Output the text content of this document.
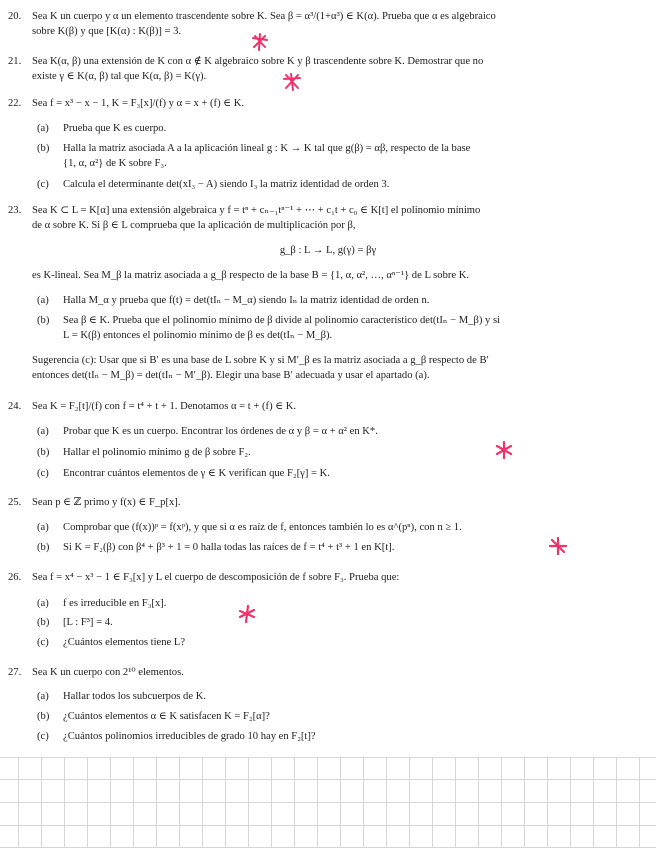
20. Sea K un cuerpo y α un elemento trascendente sobre K. Sea β = α³/(1+α³) ∈ K(α). Prueba que α es algebraico
sobre K(β) y que [K(α) : K(β)] = 3.
21. Sea K(α, β) una extensión de K con α ∉ K algebraico sobre K y β trascendente sobre K. Demostrar que no
existe γ ∈ K(α, β) tal que K(α, β) = K(γ).
22. Sea f = x³ − x − 1, K = F₃[x]/(f) y α = x + (f) ∈ K.
(a) Prueba que K es cuerpo.
(b) Halla la matriz asociada A a la aplicación lineal g : K → K tal que g(β) = αβ, respecto de la base
{1, α, α²} de K sobre F₃.
(c) Calcula el determinante det(xI₃ − A) siendo I₃ la matriz identidad de orden 3.
23. Sea K ⊂ L = K[α] una extensión algebraica y f = tⁿ + cₙ₋₁tⁿ⁻¹ + ⋯ + c₁t + c₀ ∈ K[t] el polinomio mínimo
de α sobre K. Si β ∈ L comprueba que la aplicación de multiplicación por β,
g_β : L → L, g(γ) = βγ
es K-lineal. Sea M_β la matriz asociada a g_β respecto de la base B = {1, α, α², …, αⁿ⁻¹} de L sobre K.
(a) Halla M_α y prueba que f(t) = det(tIₙ − M_α) siendo Iₙ la matriz identidad de orden n.
(b) Sea β ∈ K. Prueba que el polinomio mínimo de β divide al polinomio característico det(tIₙ − M_β) y si
L = K(β) entonces el polinomio mínimo de β es det(tIₙ − M_β).
Sugerencia (c): Usar que si B′ es una base de L sobre K y si M′_β es la matriz asociada a g_β respecto de B′
entonces det(tIₙ − M_β) = det(tIₙ − M′_β). Elegir una base B′ adecuada y usar el apartado (a).
24. Sea K = F₂[t]/(f) con f = t⁴ + t + 1. Denotamos α = t + (f) ∈ K.
(a) Probar que K es un cuerpo. Encontrar los órdenes de α y β = α + α² en K*.
(b) Hallar el polinomio mínimo g de β sobre F₂.
(c) Encontrar cuántos elementos de γ ∈ K verifican que F₂[γ] = K.
25. Sean p ∈ ℤ primo y f(x) ∈ F_p[x].
(a) Comprobar que (f(x))ᵖ = f(xᵖ), y que si α es raíz de f, entonces también lo es α^(pⁿ), con n ≥ 1.
(b) Si K = F₂(β) con β⁴ + β³ + 1 = 0 halla todas las raíces de f = t⁴ + t³ + 1 en K[t].
26. Sea f = x⁴ − x³ − 1 ∈ F₃[x] y L el cuerpo de descomposición de f sobre F₃. Prueba que:
(a) f es irreducible en F₃[x].
(b) [L : F³] = 4.
(c) ¿Cuántos elementos tiene L?
27. Sea K un cuerpo con 2¹⁰ elementos.
(a) Hallar todos los subcuerpos de K.
(b) ¿Cuántos elementos α ∈ K satisfacen K = F₂[α]?
(c) ¿Cuántos polinomios irreducibles de grado 10 hay en F₂[t]?
